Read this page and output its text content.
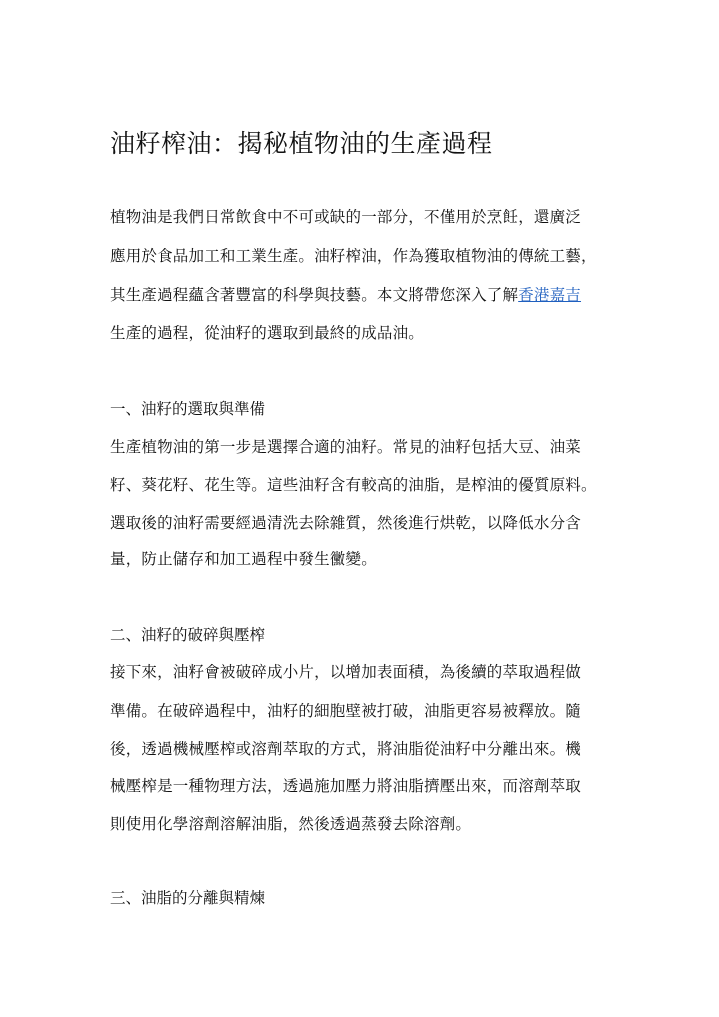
油籽榨油：揭秘植物油的生產過程
植物油是我們日常飲食中不可或缺的一部分，不僅用於烹飪，還廣泛
應用於食品加工和工業生產。油籽榨油，作為獲取植物油的傳統工藝，
其生產過程蘊含著豐富的科學與技藝。本文將帶您深入了解香港嘉吉
生產的過程，從油籽的選取到最終的成品油。
一、油籽的選取與準備
生產植物油的第一步是選擇合適的油籽。常見的油籽包括大豆、油菜
籽、葵花籽、花生等。這些油籽含有較高的油脂，是榨油的優質原料。
選取後的油籽需要經過清洗去除雜質，然後進行烘乾，以降低水分含
量，防止儲存和加工過程中發生黴變。
二、油籽的破碎與壓榨
接下來，油籽會被破碎成小片，以增加表面積，為後續的萃取過程做
準備。在破碎過程中，油籽的細胞壁被打破，油脂更容易被釋放。隨
後，透過機械壓榨或溶劑萃取的方式，將油脂從油籽中分離出來。機
械壓榨是一種物理方法，透過施加壓力將油脂擠壓出來，而溶劑萃取
則使用化學溶劑溶解油脂，然後透過蒸發去除溶劑。
三、油脂的分離與精煉
